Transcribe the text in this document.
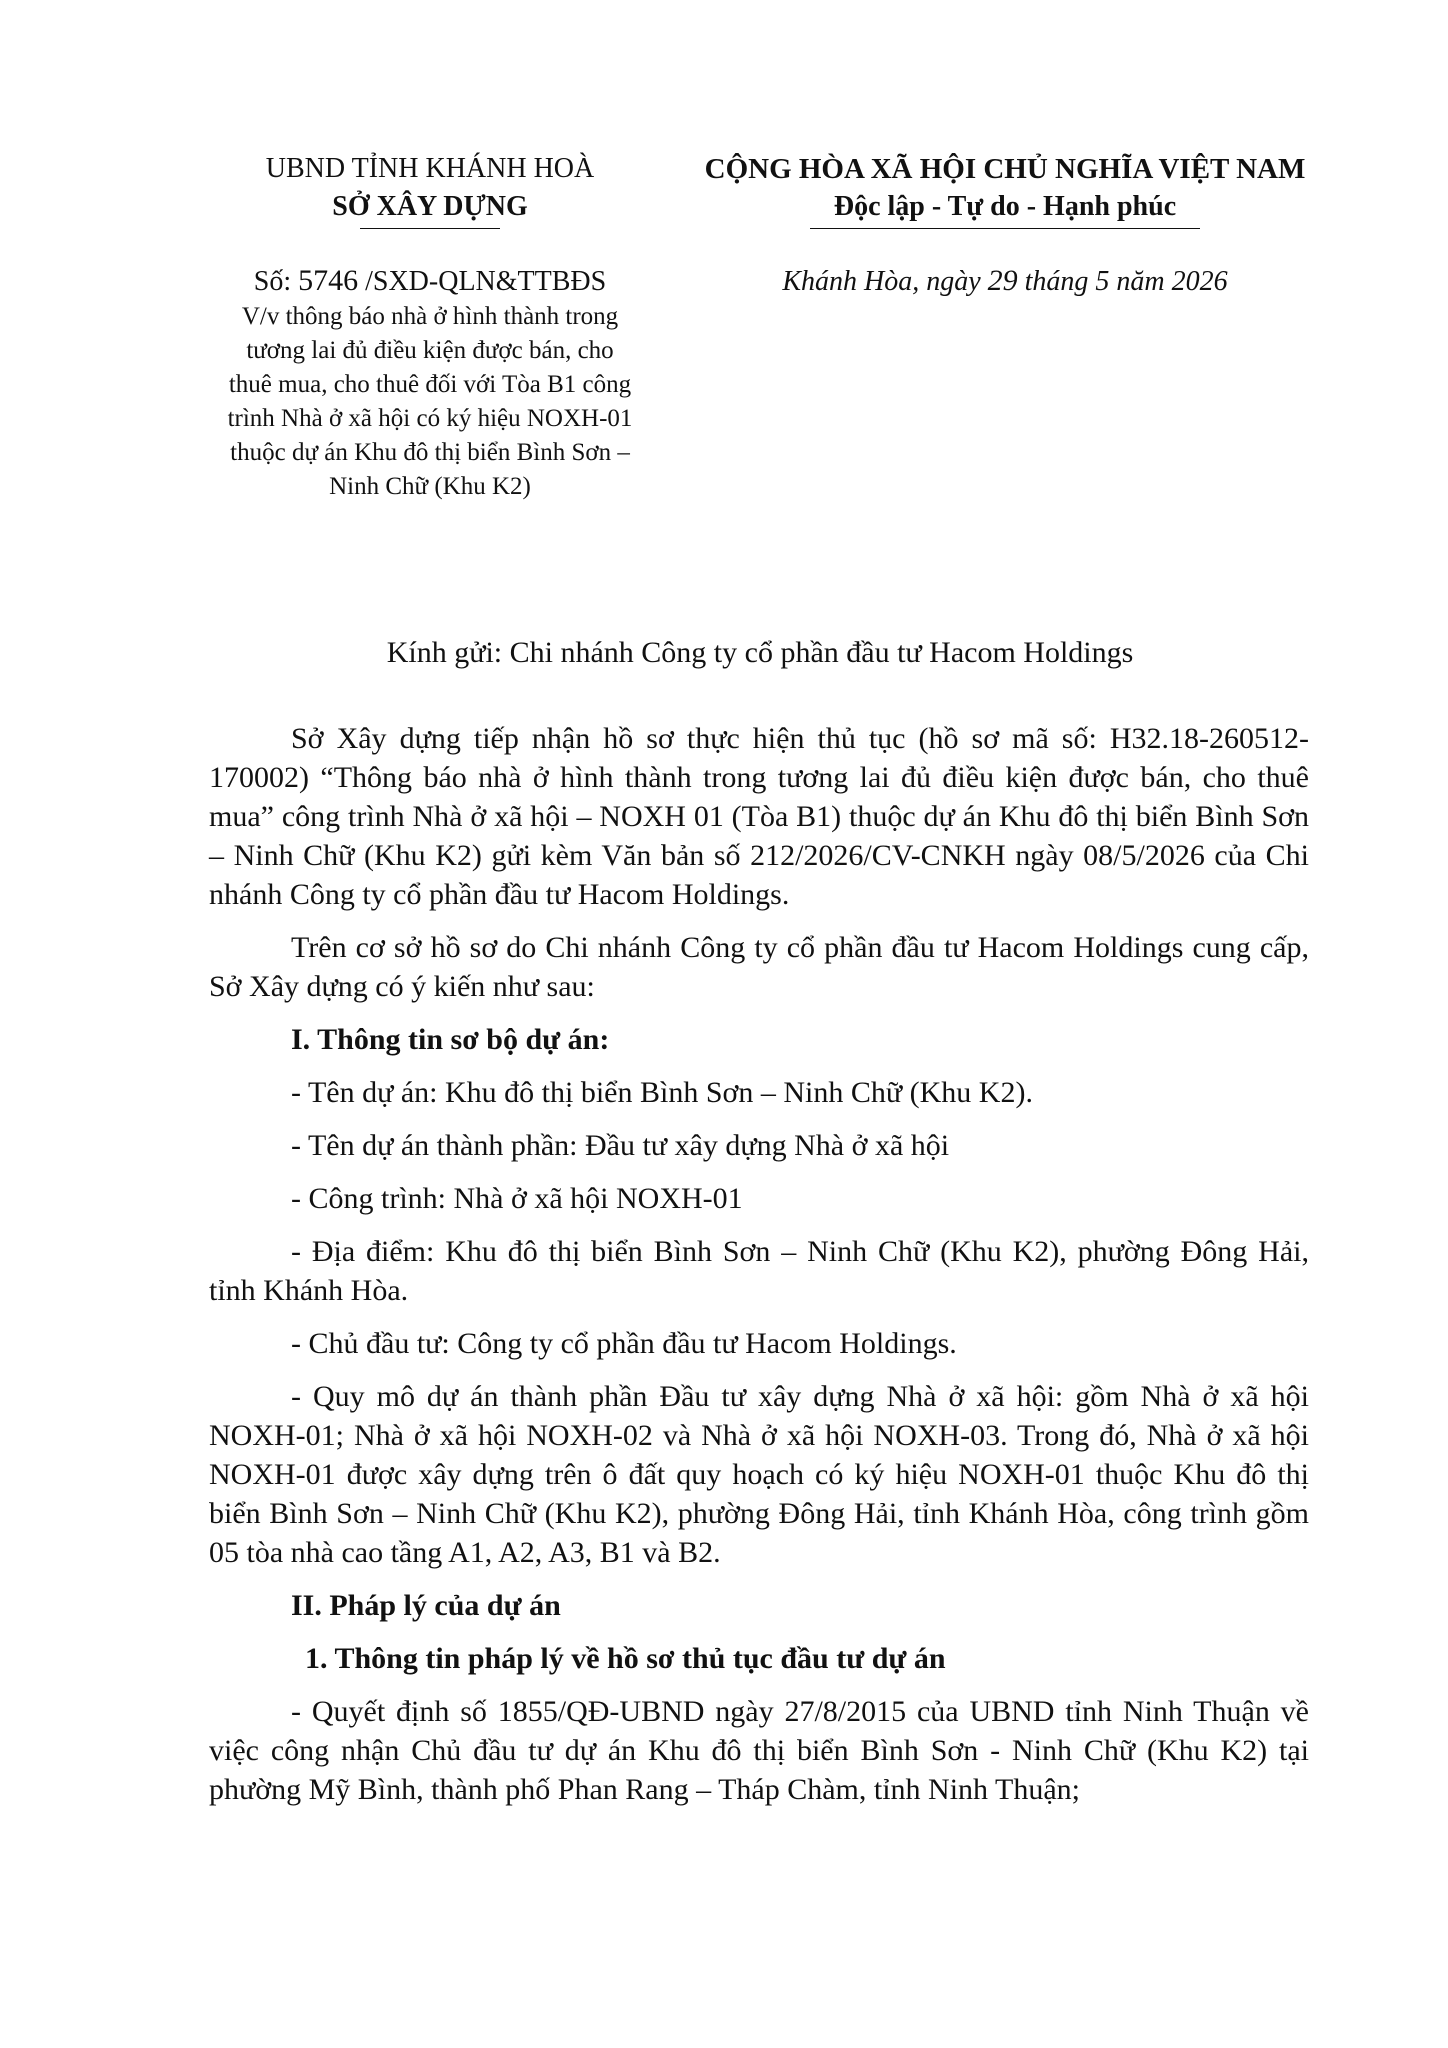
UBND TỈNH KHÁNH HOÀ
SỞ XÂY DỰNG
CỘNG HÒA XÃ HỘI CHỦ NGHĨA VIỆT NAM
Độc lập - Tự do - Hạnh phúc
Số: 5746 /SXD-QLN&TTBĐS
V/v thông báo nhà ở hình thành trong tương lai đủ điều kiện được bán, cho thuê mua, cho thuê đối với Tòa B1 công trình Nhà ở xã hội có ký hiệu NOXH-01 thuộc dự án Khu đô thị biển Bình Sơn – Ninh Chữ (Khu K2)
Khánh Hòa, ngày 29 tháng 5 năm 2026
Kính gửi: Chi nhánh Công ty cổ phần đầu tư Hacom Holdings

Sở Xây dựng tiếp nhận hồ sơ thực hiện thủ tục (hồ sơ mã số: H32.18-260512-170002) “Thông báo nhà ở hình thành trong tương lai đủ điều kiện được bán, cho thuê mua” công trình Nhà ở xã hội – NOXH 01 (Tòa B1) thuộc dự án Khu đô thị biển Bình Sơn – Ninh Chữ (Khu K2) gửi kèm Văn bản số 212/2026/CV-CNKH ngày 08/5/2026 của Chi nhánh Công ty cổ phần đầu tư Hacom Holdings.

Trên cơ sở hồ sơ do Chi nhánh Công ty cổ phần đầu tư Hacom Holdings cung cấp, Sở Xây dựng có ý kiến như sau:

I. Thông tin sơ bộ dự án:
- Tên dự án: Khu đô thị biển Bình Sơn – Ninh Chữ (Khu K2).
- Tên dự án thành phần: Đầu tư xây dựng Nhà ở xã hội
- Công trình: Nhà ở xã hội NOXH-01
- Địa điểm: Khu đô thị biển Bình Sơn – Ninh Chữ (Khu K2), phường Đông Hải, tỉnh Khánh Hòa.
- Chủ đầu tư: Công ty cổ phần đầu tư Hacom Holdings.
- Quy mô dự án thành phần Đầu tư xây dựng Nhà ở xã hội: gồm Nhà ở xã hội NOXH-01; Nhà ở xã hội NOXH-02 và Nhà ở xã hội NOXH-03. Trong đó, Nhà ở xã hội NOXH-01 được xây dựng trên ô đất quy hoạch có ký hiệu NOXH-01 thuộc Khu đô thị biển Bình Sơn – Ninh Chữ (Khu K2), phường Đông Hải, tỉnh Khánh Hòa, công trình gồm 05 tòa nhà cao tầng A1, A2, A3, B1 và B2.
II. Pháp lý của dự án
1. Thông tin pháp lý về hồ sơ thủ tục đầu tư dự án
- Quyết định số 1855/QĐ-UBND ngày 27/8/2015 của UBND tỉnh Ninh Thuận về việc công nhận Chủ đầu tư dự án Khu đô thị biển Bình Sơn - Ninh Chữ (Khu K2) tại phường Mỹ Bình, thành phố Phan Rang – Tháp Chàm, tỉnh Ninh Thuận;
